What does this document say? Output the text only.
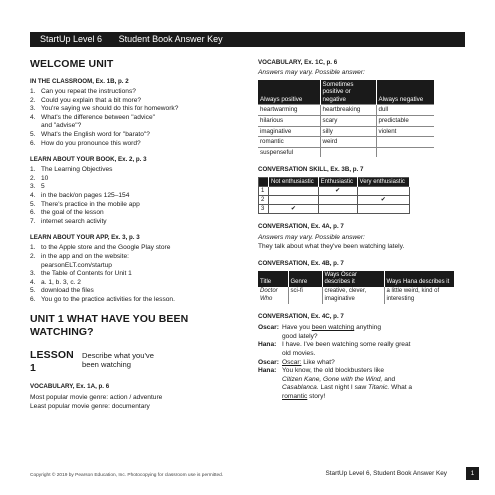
StartUp Level 6 Student Book Answer Key
WELCOME UNIT
IN THE CLASSROOM, Ex. 1B, p. 2
1. Can you repeat the instructions?
2. Could you explain that a bit more?
3. You're saying we should do this for homework?
4. What's the difference between "advice"
and "advise"?
5. What's the English word for "barato"?
6. How do you pronounce this word?
LEARN ABOUT YOUR BOOK, Ex. 2, p. 3
1. The Learning Objectives
2. 10
3. 5
4. in the back/on pages 125–154
5. There's practice in the mobile app
6. the goal of the lesson
7. internet search activity
LEARN ABOUT YOUR APP, Ex. 3, p. 3
1. to the Apple store and the Google Play store
2. in the app and on the website:
pearsonELT.com/startup
3. the Table of Contents for Unit 1
4. a. 1, b. 3, c. 2
5. download the files
6. You go to the practice activities for the lesson.
UNIT 1 WHAT HAVE YOU BEEN
WATCHING?
LESSON 1
Describe what you've
been watching
VOCABULARY, Ex. 1A, p. 6

Most popular movie genre: action / adventure

Least popular movie genre: documentary

VOCABULARY, Ex. 1C, p. 6

Answers may vary. Possible answer:

Always positive	Sometimes positive or negative	Always negative
heartwarming	heartbreaking	dull
hilarious	scary	predictable
imaginative	silly	violent
romantic	weird	
suspenseful		
CONVERSATION SKILL, Ex. 3B, p. 7
	Not enthusiastic	Enthusiastic	Very enthusiastic
1		✔	
2			✔
3	✔		
CONVERSATION, Ex. 4A, p. 7

Answers may vary. Possible answer:

They talk about what they've been watching lately.

CONVERSATION, Ex. 4B, p. 7
Title	Genre	Ways Oscar describes it	Ways Hana describes it
Doctor Who	sci-fi	creative, clever, imaginative	a little weird, kind of interesting
CONVERSATION, Ex. 4C, p. 7
Oscar: Have you been watching anything
good lately?
Hana: I have. I've been watching some really great
old movies.
Oscar: Oscar: Like what?
Hana: You know, the old blockbusters like
Citizen Kane, Gone with the Wind, and
Casablanca. Last night I saw Titanic. What a
romantic story!
Copyright © 2019 by Pearson Education, Inc. Photocopying for classroom use is permitted.	StartUp Level 6, Student Book Answer Key	1
